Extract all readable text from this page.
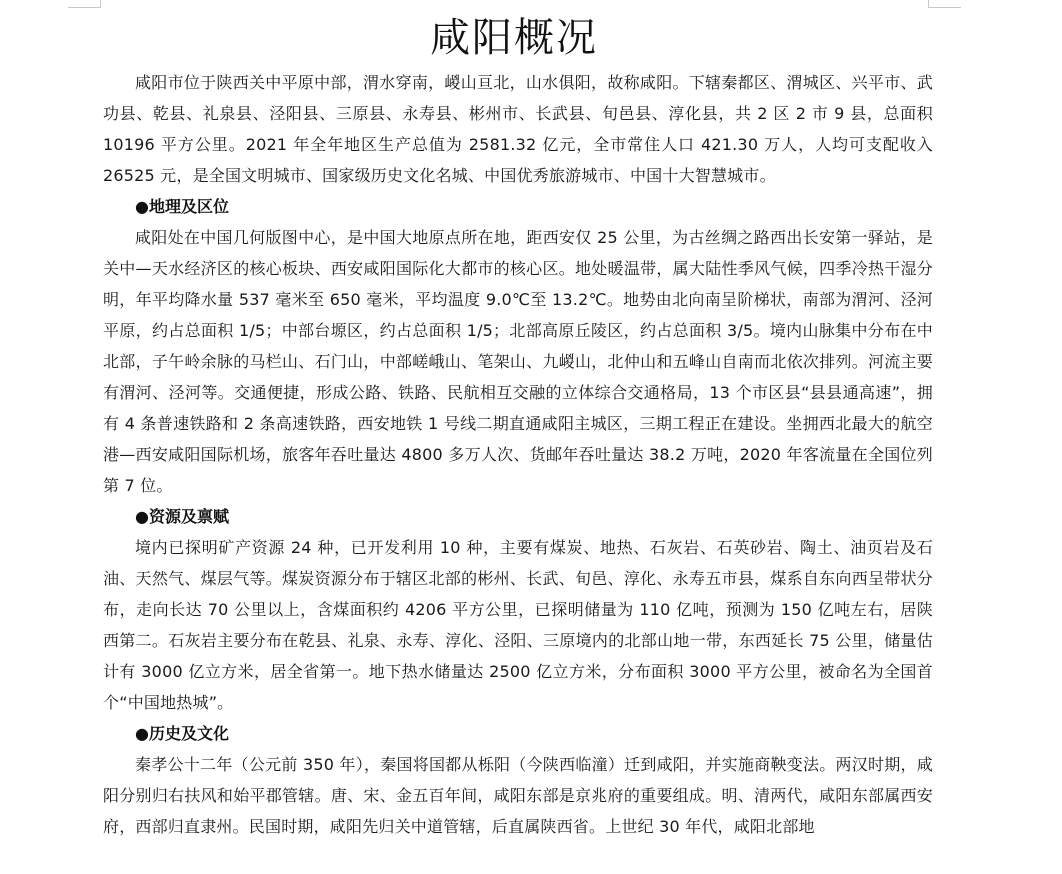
咸阳概况

咸阳市位于陕西关中平原中部，渭水穿南，嵕山亘北，山水俱阳，故称咸阳。下辖秦都区、渭城区、兴平市、武功县、乾县、礼泉县、泾阳县、三原县、永寿县、彬州市、长武县、旬邑县、淳化县，共 2 区 2 市 9 县，总面积 10196 平方公里。2021 年全年地区生产总值为 2581.32 亿元，全市常住人口 421.30 万人，人均可支配收入 26525 元，是全国文明城市、国家级历史文化名城、中国优秀旅游城市、中国十大智慧城市。

●地理及区位

咸阳处在中国几何版图中心，是中国大地原点所在地，距西安仅 25 公里，为古丝绸之路西出长安第一驿站，是关中—天水经济区的核心板块、西安咸阳国际化大都市的核心区。地处暖温带，属大陆性季风气候，四季冷热干湿分明，年平均降水量 537 毫米至 650 毫米，平均温度 9.0℃至 13.2℃。地势由北向南呈阶梯状，南部为渭河、泾河平原，约占总面积 1/5；中部台塬区，约占总面积 1/5；北部高原丘陵区，约占总面积 3/5。境内山脉集中分布在中北部，子午岭余脉的马栏山、石门山，中部嵯峨山、笔架山、九嵕山，北仲山和五峰山自南而北依次排列。河流主要有渭河、泾河等。交通便捷，形成公路、铁路、民航相互交融的立体综合交通格局，13 个市区县“县县通高速”，拥有 4 条普速铁路和 2 条高速铁路，西安地铁 1 号线二期直通咸阳主城区，三期工程正在建设。坐拥西北最大的航空港—西安咸阳国际机场，旅客年吞吐量达 4800 多万人次、货邮年吞吐量达 38.2 万吨，2020 年客流量在全国位列第 7 位。

●资源及禀赋

境内已探明矿产资源 24 种，已开发利用 10 种，主要有煤炭、地热、石灰岩、石英砂岩、陶土、油页岩及石油、天然气、煤层气等。煤炭资源分布于辖区北部的彬州、长武、旬邑、淳化、永寿五市县，煤系自东向西呈带状分布，走向长达 70 公里以上，含煤面积约 4206 平方公里，已探明储量为 110 亿吨，预测为 150 亿吨左右，居陕西第二。石灰岩主要分布在乾县、礼泉、永寿、淳化、泾阳、三原境内的北部山地一带，东西延长 75 公里，储量估计有 3000 亿立方米，居全省第一。地下热水储量达 2500 亿立方米，分布面积 3000 平方公里，被命名为全国首个“中国地热城”。

●历史及文化

秦孝公十二年（公元前 350 年），秦国将国都从栎阳（今陕西临潼）迁到咸阳，并实施商鞅变法。两汉时期，咸阳分别归右扶风和始平郡管辖。唐、宋、金五百年间，咸阳东部是京兆府的重要组成。明、清两代，咸阳东部属西安府，西部归直隶州。民国时期，咸阳先归关中道管辖，后直属陕西省。上世纪 30 年代，咸阳北部地
